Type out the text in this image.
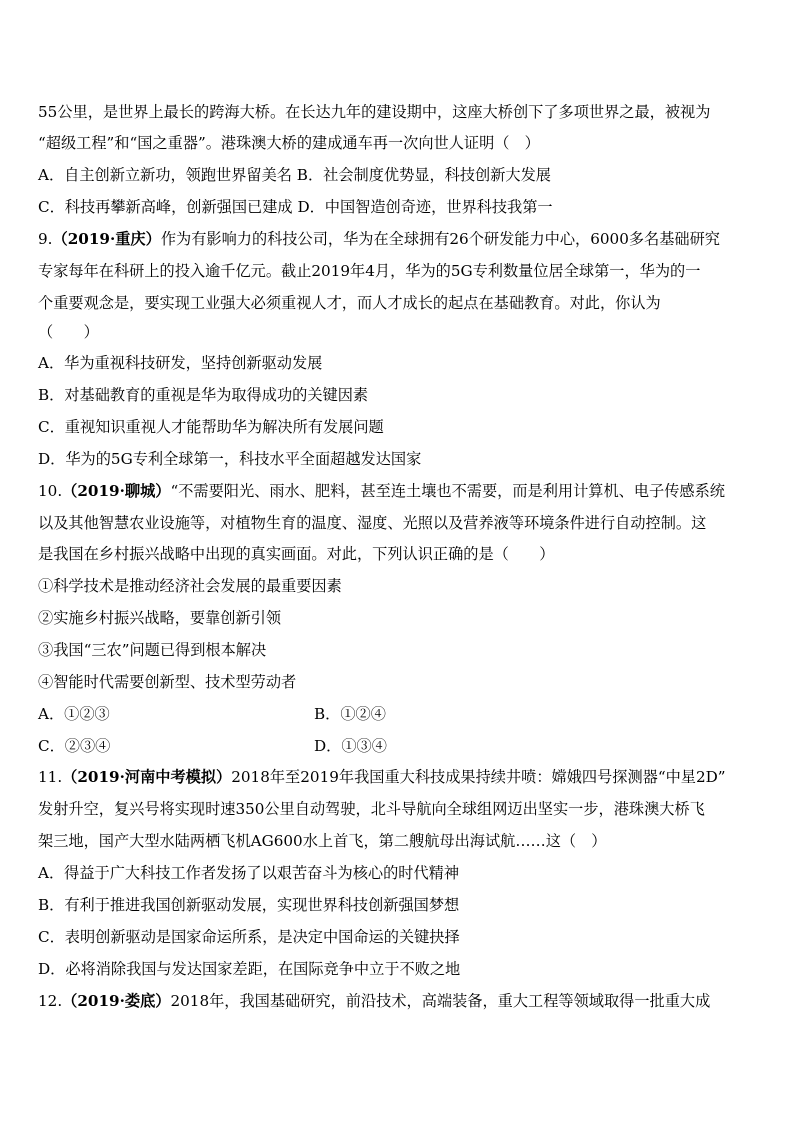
55公里，是世界上最长的跨海大桥。在长达九年的建设期中，这座大桥创下了多项世界之最，被视为
“超级工程”和“国之重器”。港珠澳大桥的建成通车再一次向世人证明（　）
A．自主创新立新功，领跑世界留美名 B．社会制度优势显，科技创新大发展
C．科技再攀新高峰，创新强国已建成 D．中国智造创奇迹，世界科技我第一
9.（2019·重庆）作为有影响力的科技公司，华为在全球拥有26个研发能力中心，6000多名基础研究
专家每年在科研上的投入逾千亿元。截止2019年4月，华为的5G专利数量位居全球第一，华为的一
个重要观念是，要实现工业强大必须重视人才，而人才成长的起点在基础教育。对此，你认为
（　　）
A．华为重视科技研发，坚持创新驱动发展
B．对基础教育的重视是华为取得成功的关键因素
C．重视知识重视人才能帮助华为解决所有发展问题
D．华为的5G专利全球第一，科技水平全面超越发达国家
10.（2019·聊城）“不需要阳光、雨水、肥料，甚至连土壤也不需要，而是利用计算机、电子传感系统
以及其他智慧农业设施等，对植物生育的温度、湿度、光照以及营养液等环境条件进行自动控制。这
是我国在乡村振兴战略中出现的真实画面。对此，下列认识正确的是（　　）
①科学技术是推动经济社会发展的最重要因素
②实施乡村振兴战略，要靠创新引领
③我国“三农”问题已得到根本解决
④智能时代需要创新型、技术型劳动者
A．①②③	B．①②④
C．②③④	D．①③④
11.（2019·河南中考模拟）2018年至2019年我国重大科技成果持续井喷：嫦娥四号探测器“中星2D”
发射升空，复兴号将实现时速350公里自动驾驶，北斗导航向全球组网迈出坚实一步，港珠澳大桥飞
架三地，国产大型水陆两栖飞机AG600水上首飞，第二艘航母出海试航……这（　）
A．得益于广大科技工作者发扬了以艰苦奋斗为核心的时代精神
B．有利于推进我国创新驱动发展，实现世界科技创新强国梦想
C．表明创新驱动是国家命运所系，是决定中国命运的关键抉择
D．必将消除我国与发达国家差距，在国际竞争中立于不败之地
12.（2019·娄底）2018年，我国基础研究，前沿技术，高端装备，重大工程等领域取得一批重大成
